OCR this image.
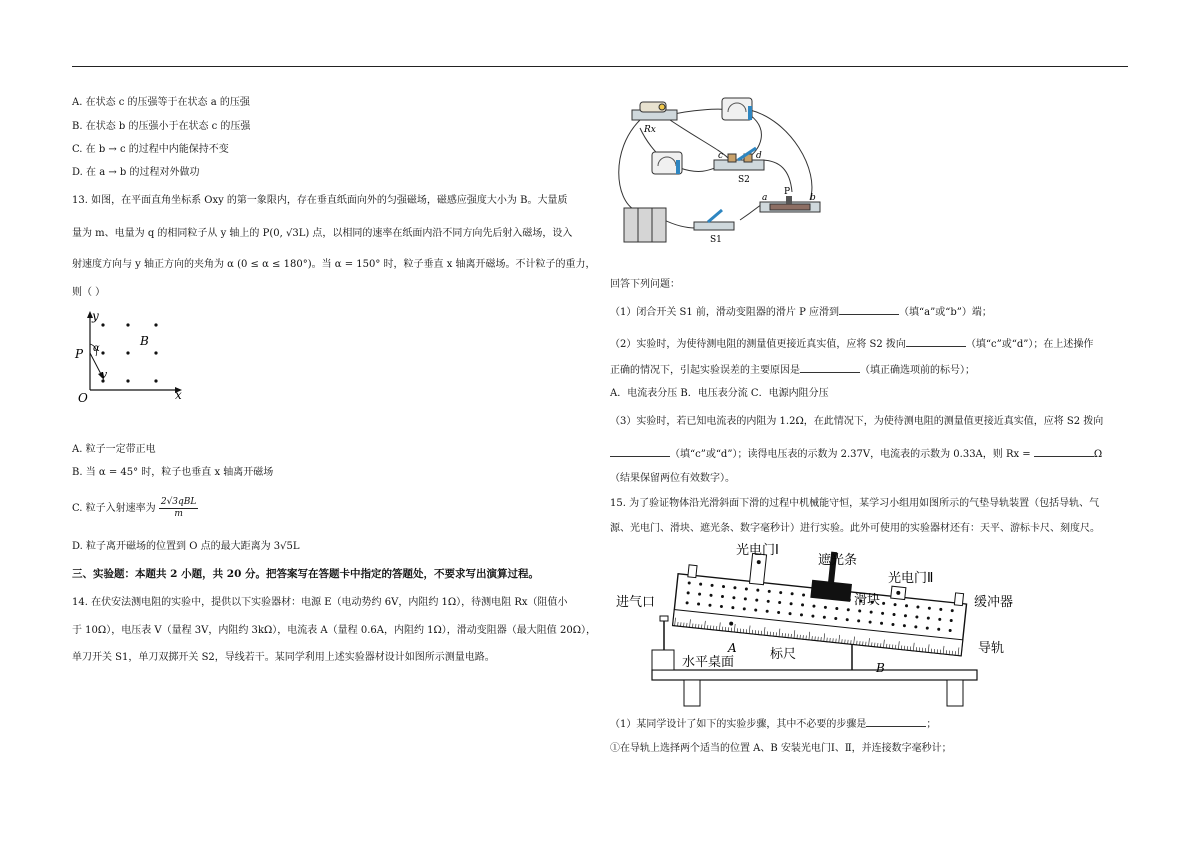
A. 在状态 c 的压强等于在状态 a 的压强
B. 在状态 b 的压强小于在状态 c 的压强
C. 在 b → c 的过程中内能保持不变
D. 在 a → b 的过程对外做功
13. 如图，在平面直角坐标系 Oxy 的第一象限内，存在垂直纸面向外的匀强磁场，磁感应强度大小为 B。大量质
量为 m、电量为 q 的相同粒子从 y 轴上的 P(0, √3L) 点，以相同的速率在纸面内沿不同方向先后射入磁场，设入
射速度方向与 y 轴正方向的夹角为 α (0 ≤ α ≤ 180°)。当 α = 150° 时，粒子垂直 x 轴离开磁场。不计粒子的重力，
则（ ）
y
x
O
P
B
α
v
A. 粒子一定带正电
B. 当 α = 45° 时，粒子也垂直 x 轴离开磁场
C. 粒子入射速率为 $\frac{\text{2√3qBL}}{m}$
D. 粒子离开磁场的位置到 O 点的最大距离为 3√5L
三、实验题：本题共 2 小题，共 20 分。把答案写在答题卡中指定的答题处，不要求写出演算过程。
14. 在伏安法测电阻的实验中，提供以下实验器材：电源 E（电动势约 6V，内阻约 1Ω），待测电阻 Rx（阻值小
于 10Ω），电压表 V（量程 3V，内阻约 3kΩ），电流表 A（量程 0.6A，内阻约 1Ω），滑动变阻器（最大阻值 20Ω），
单刀开关 S1，单刀双掷开关 S2，导线若干。某同学利用上述实验器材设计如图所示测量电路。
Rx
S1
S2
c	d
a
P
b
回答下列问题：
（1）闭合开关 S1 前，滑动变阻器的滑片 P 应滑到	（填“a”或“b”）端；
（2）实验时，为使待测电阻的测量值更接近真实值，应将 S2 拨向	（填“c”或“d”）；在上述操作
正确的情况下，引起实验误差的主要原因是	（填正确选项前的标号）；
A．电流表分压 B．电压表分流 C．电源内阻分压
（3）实验时，若已知电流表的内阻为 1.2Ω，在此情况下，为使待测电阻的测量值更接近真实值，应将 S2 拨向
（填“c”或“d”）；读得电压表的示数为 2.37V，电流表的示数为 0.33A，则 Rx =	Ω
（结果保留两位有效数字）。
15. 为了验证物体沿光滑斜面下滑的过程中机械能守恒，某学习小组用如图所示的气垫导轨装置（包括导轨、气
源、光电门、滑块、遮光条、数字毫秒计）进行实验。此外可使用的实验器材还有：天平、游标卡尺、刻度尺。
光电门Ⅰ
遮光条
光电门Ⅱ
进气口	滑块	缓冲器
导轨
标尺
水平桌面
A
B
（1）某同学设计了如下的实验步骤，其中不必要的步骤是	；
①在导轨上选择两个适当的位置 A、B 安装光电门Ⅰ、Ⅱ，并连接数字毫秒计；
